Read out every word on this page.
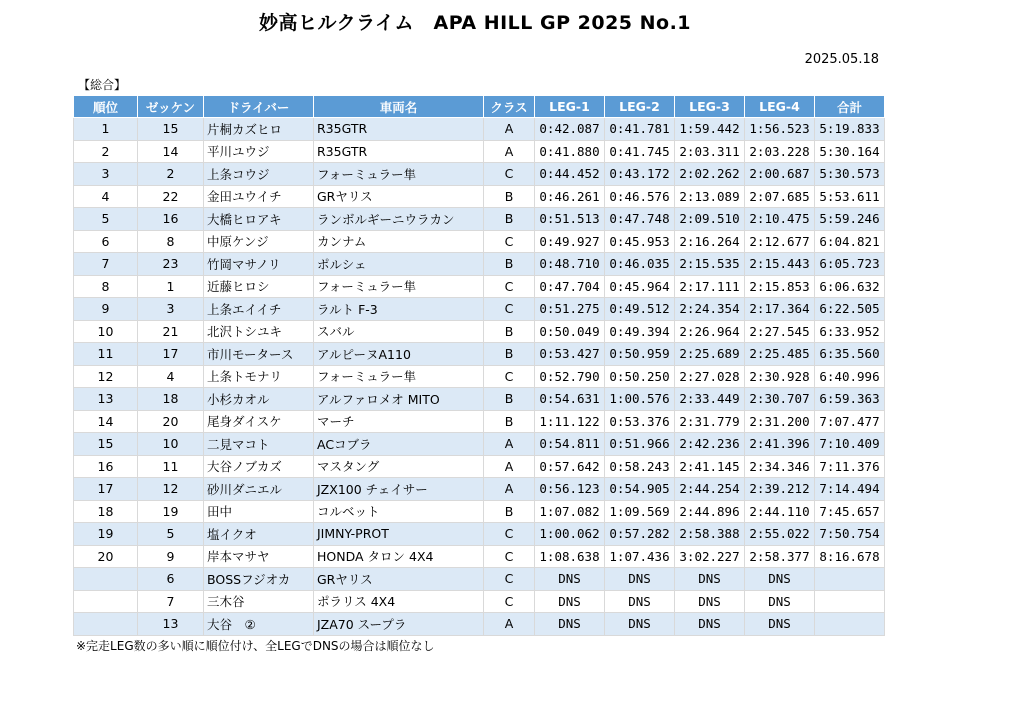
妙高ヒルクライム　APA HILL GP 2025 No.1
2025.05.18
【総合】
順位	ゼッケン	ドライバー	車両名	クラス	LEG-1	LEG-2	LEG-3	LEG-4	合計
1	15	片桐カズヒロ	R35GTR	A	0:42.087	0:41.781	1:59.442	1:56.523	5:19.833
2	14	平川ユウジ	R35GTR	A	0:41.880	0:41.745	2:03.311	2:03.228	5:30.164
3	2	上条コウジ	フォーミュラー隼	C	0:44.452	0:43.172	2:02.262	2:00.687	5:30.573
4	22	金田ユウイチ	GRヤリス	B	0:46.261	0:46.576	2:13.089	2:07.685	5:53.611
5	16	大橋ヒロアキ	ランボルギーニウラカン	B	0:51.513	0:47.748	2:09.510	2:10.475	5:59.246
6	8	中原ケンジ	カンナム	C	0:49.927	0:45.953	2:16.264	2:12.677	6:04.821
7	23	竹岡マサノリ	ポルシェ	B	0:48.710	0:46.035	2:15.535	2:15.443	6:05.723
8	1	近藤ヒロシ	フォーミュラー隼	C	0:47.704	0:45.964	2:17.111	2:15.853	6:06.632
9	3	上条エイイチ	ラルト F-3	C	0:51.275	0:49.512	2:24.354	2:17.364	6:22.505
10	21	北沢トシユキ	スバル	B	0:50.049	0:49.394	2:26.964	2:27.545	6:33.952
11	17	市川モータース	アルピーヌA110	B	0:53.427	0:50.959	2:25.689	2:25.485	6:35.560
12	4	上条トモナリ	フォーミュラー隼	C	0:52.790	0:50.250	2:27.028	2:30.928	6:40.996
13	18	小杉カオル	アルファロメオ MITO	B	0:54.631	1:00.576	2:33.449	2:30.707	6:59.363
14	20	尾身ダイスケ	マーチ	B	1:11.122	0:53.376	2:31.779	2:31.200	7:07.477
15	10	二見マコト	ACコブラ	A	0:54.811	0:51.966	2:42.236	2:41.396	7:10.409
16	11	大谷ノブカズ	マスタング	A	0:57.642	0:58.243	2:41.145	2:34.346	7:11.376
17	12	砂川ダニエル	JZX100 チェイサー	A	0:56.123	0:54.905	2:44.254	2:39.212	7:14.494
18	19	田中	コルベット	B	1:07.082	1:09.569	2:44.896	2:44.110	7:45.657
19	5	塩イクオ	JIMNY-PROT	C	1:00.062	0:57.282	2:58.388	2:55.022	7:50.754
20	9	岸本マサヤ	HONDA タロン 4X4	C	1:08.638	1:07.436	3:02.227	2:58.377	8:16.678
	6	BOSSフジオカ	GRヤリス	C	DNS	DNS	DNS	DNS	
	7	三木谷	ポラリス 4X4	C	DNS	DNS	DNS	DNS	
	13	大谷　②	JZA70 スープラ	A	DNS	DNS	DNS	DNS	
※完走LEG数の多い順に順位付け、全LEGでDNSの場合は順位なし
